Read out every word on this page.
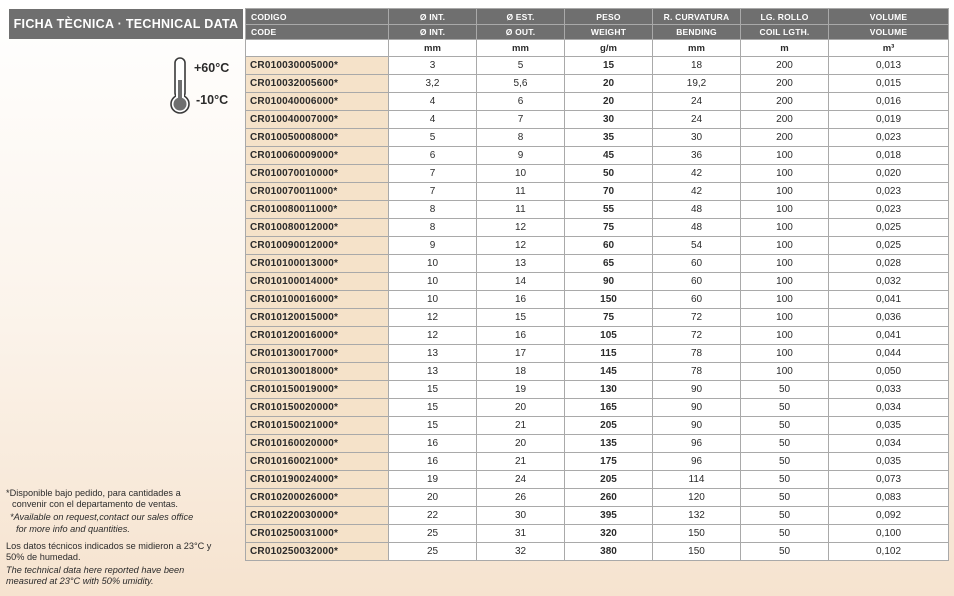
FICHA TÈCNICA · TECHNICAL DATA
+60°C
-10°C
*Disponible bajo pedido, para cantidades a
convenir con el departamento de ventas.
*Available on request,contact our sales office
for more info and quantities.
Los datos técnicos indicados se midieron a 23°C y
50% de humedad.
The technical data here reported have been
measured at 23°C with 50% umidity.
CODIGO	Ø INT.	Ø EST.	PESO	R. CURVATURA	LG. ROLLO	VOLUME
CODE	Ø INT.	Ø OUT.	WEIGHT	BENDING	COIL LGTH.	VOLUME
	mm	mm	g/m	mm	m	m³
CR010030005000*	3	5	15	18	200	0,013
CR010032005600*	3,2	5,6	20	19,2	200	0,015
CR010040006000*	4	6	20	24	200	0,016
CR010040007000*	4	7	30	24	200	0,019
CR010050008000*	5	8	35	30	200	0,023
CR010060009000*	6	9	45	36	100	0,018
CR010070010000*	7	10	50	42	100	0,020
CR010070011000*	7	11	70	42	100	0,023
CR010080011000*	8	11	55	48	100	0,023
CR010080012000*	8	12	75	48	100	0,025
CR010090012000*	9	12	60	54	100	0,025
CR010100013000*	10	13	65	60	100	0,028
CR010100014000*	10	14	90	60	100	0,032
CR010100016000*	10	16	150	60	100	0,041
CR010120015000*	12	15	75	72	100	0,036
CR010120016000*	12	16	105	72	100	0,041
CR010130017000*	13	17	115	78	100	0,044
CR010130018000*	13	18	145	78	100	0,050
CR010150019000*	15	19	130	90	50	0,033
CR010150020000*	15	20	165	90	50	0,034
CR010150021000*	15	21	205	90	50	0,035
CR010160020000*	16	20	135	96	50	0,034
CR010160021000*	16	21	175	96	50	0,035
CR010190024000*	19	24	205	114	50	0,073
CR010200026000*	20	26	260	120	50	0,083
CR010220030000*	22	30	395	132	50	0,092
CR010250031000*	25	31	320	150	50	0,100
CR010250032000*	25	32	380	150	50	0,102
